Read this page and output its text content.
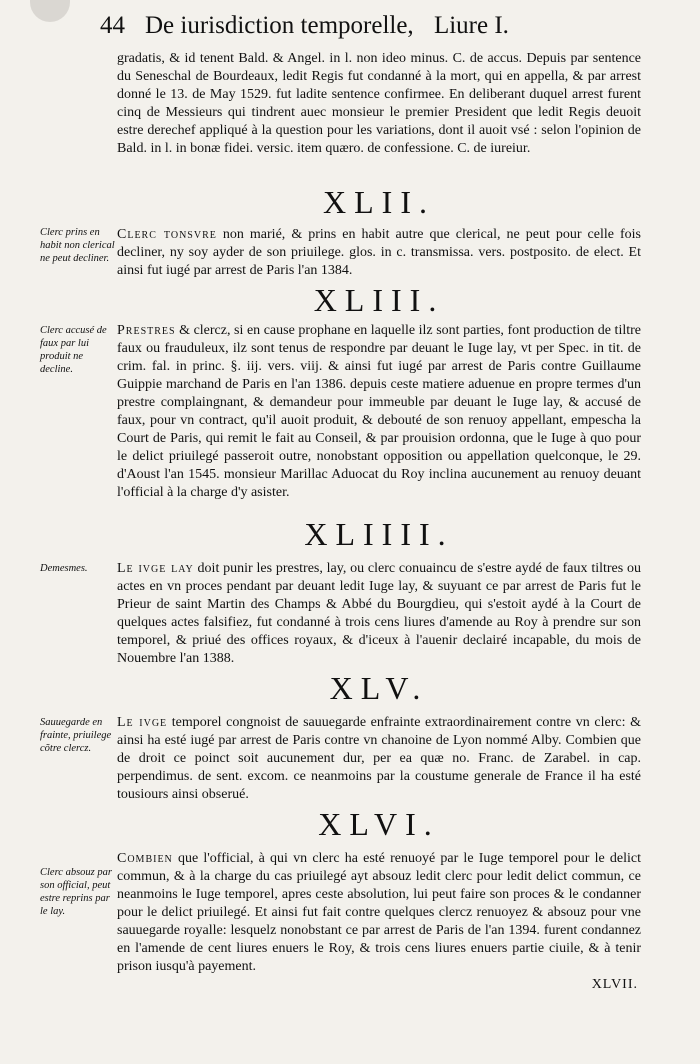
44 De iurisdiction temporelle, Liure I.
gradatis, & id tenent Bald. & Angel. in l. non ideo minus. C. de accus. Depuis par sentence du Seneschal de Bourdeaux, ledit Regis fut condanné à la mort, qui en appella, & par arrest donné le 13. de May 1529. fut ladite sentence confirmee. En deliberant duquel arrest furent cinq de Messieurs qui tindrent auec monsieur le premier President que ledit Regis deuoit estre derechef appliqué à la question pour les variations, dont il auoit vsé : selon l'opinion de Bald. in l. in bonæ fidei. versic. item quæro. de confessione. C. de iureiur.
XLII.
Clerc prins en habit non clerical ne peut decliner.
Clerc tonsvre non marié, & prins en habit autre que clerical, ne peut pour celle fois decliner, ny soy ayder de son priuilege. glos. in c. transmissa. vers. postposito. de elect. Et ainsi fut iugé par arrest de Paris l'an 1384.
XLIII.
Clerc accusé de faux par lui produit ne decline.
Prestres & clercz, si en cause prophane en laquelle ilz sont parties, font production de tiltre faux ou frauduleux, ilz sont tenus de respondre par deuant le Iuge lay, vt per Spec. in tit. de crim. fal. in princ. §. iij. vers. viij. & ainsi fut iugé par arrest de Paris contre Guillaume Guippie marchand de Paris en l'an 1386. depuis ceste matiere aduenue en propre termes d'un prestre complaingnant, & demandeur pour immeuble par deuant le Iuge lay, & accusé de faux, pour vn contract, qu'il auoit produit, & debouté de son renuoy appellant, empescha la Court de Paris, qui remit le fait au Conseil, & par prouision ordonna, que le Iuge à quo pour le delict priuilegé passeroit outre, nonobstant opposition ou appellation quelconque, le 29. d'Aoust l'an 1545. monsieur Marillac Aduocat du Roy inclina aucunement au renuoy deuant l'official à la charge d'y asister.
XLIIII.
Demesmes.	Le ivge lay doit punir les prestres, lay, ou clerc conuaincu de s'estre aydé de faux tiltres ou actes en vn proces pendant par deuant ledit Iuge lay, & suyuant ce par arrest de Paris fut le Prieur de saint Martin des Champs & Abbé du Bourgdieu, qui s'estoit aydé à la Court de quelques actes falsifiez, fut condanné à trois cens liures d'amende au Roy à prendre sur son temporel, & priué des offices royaux, & d'iceux à l'auenir declairé incapable, du mois de Nouembre l'an 1388.
XLV.
Sauuegarde en frainte, priuilege cõtre clercz.
Le ivge temporel congnoist de sauuegarde enfrainte extraordinairement contre vn clerc: & ainsi ha esté iugé par arrest de Paris contre vn chanoine de Lyon nommé Alby. Combien que de droit ce poinct soit aucunement dur, per ea quæ no. Franc. de Zarabel. in cap. perpendimus. de sent. excom. ce neanmoins par la coustume generale de France il ha esté tousiours ainsi obserué.
XLVI.
Clerc absouz par son official, peut estre reprins par le lay.
Combien que l'official, à qui vn clerc ha esté renuoyé par le Iuge temporel pour le delict commun, & à la charge du cas priuilegé ayt absouz ledit clerc pour ledit delict commun, ce neanmoins le Iuge temporel, apres ceste absolution, lui peut faire son proces & le condanner pour le delict priuilegé. Et ainsi fut fait contre quelques clercz renuoyez & absouz pour vne sauuegarde royalle: lesquelz nonobstant ce par arrest de Paris de l'an 1394. furent condannez en l'amende de cent liures enuers le Roy, & trois cens liures enuers partie ciuile, & à tenir prison iusqu'à payement.
XLVII.
